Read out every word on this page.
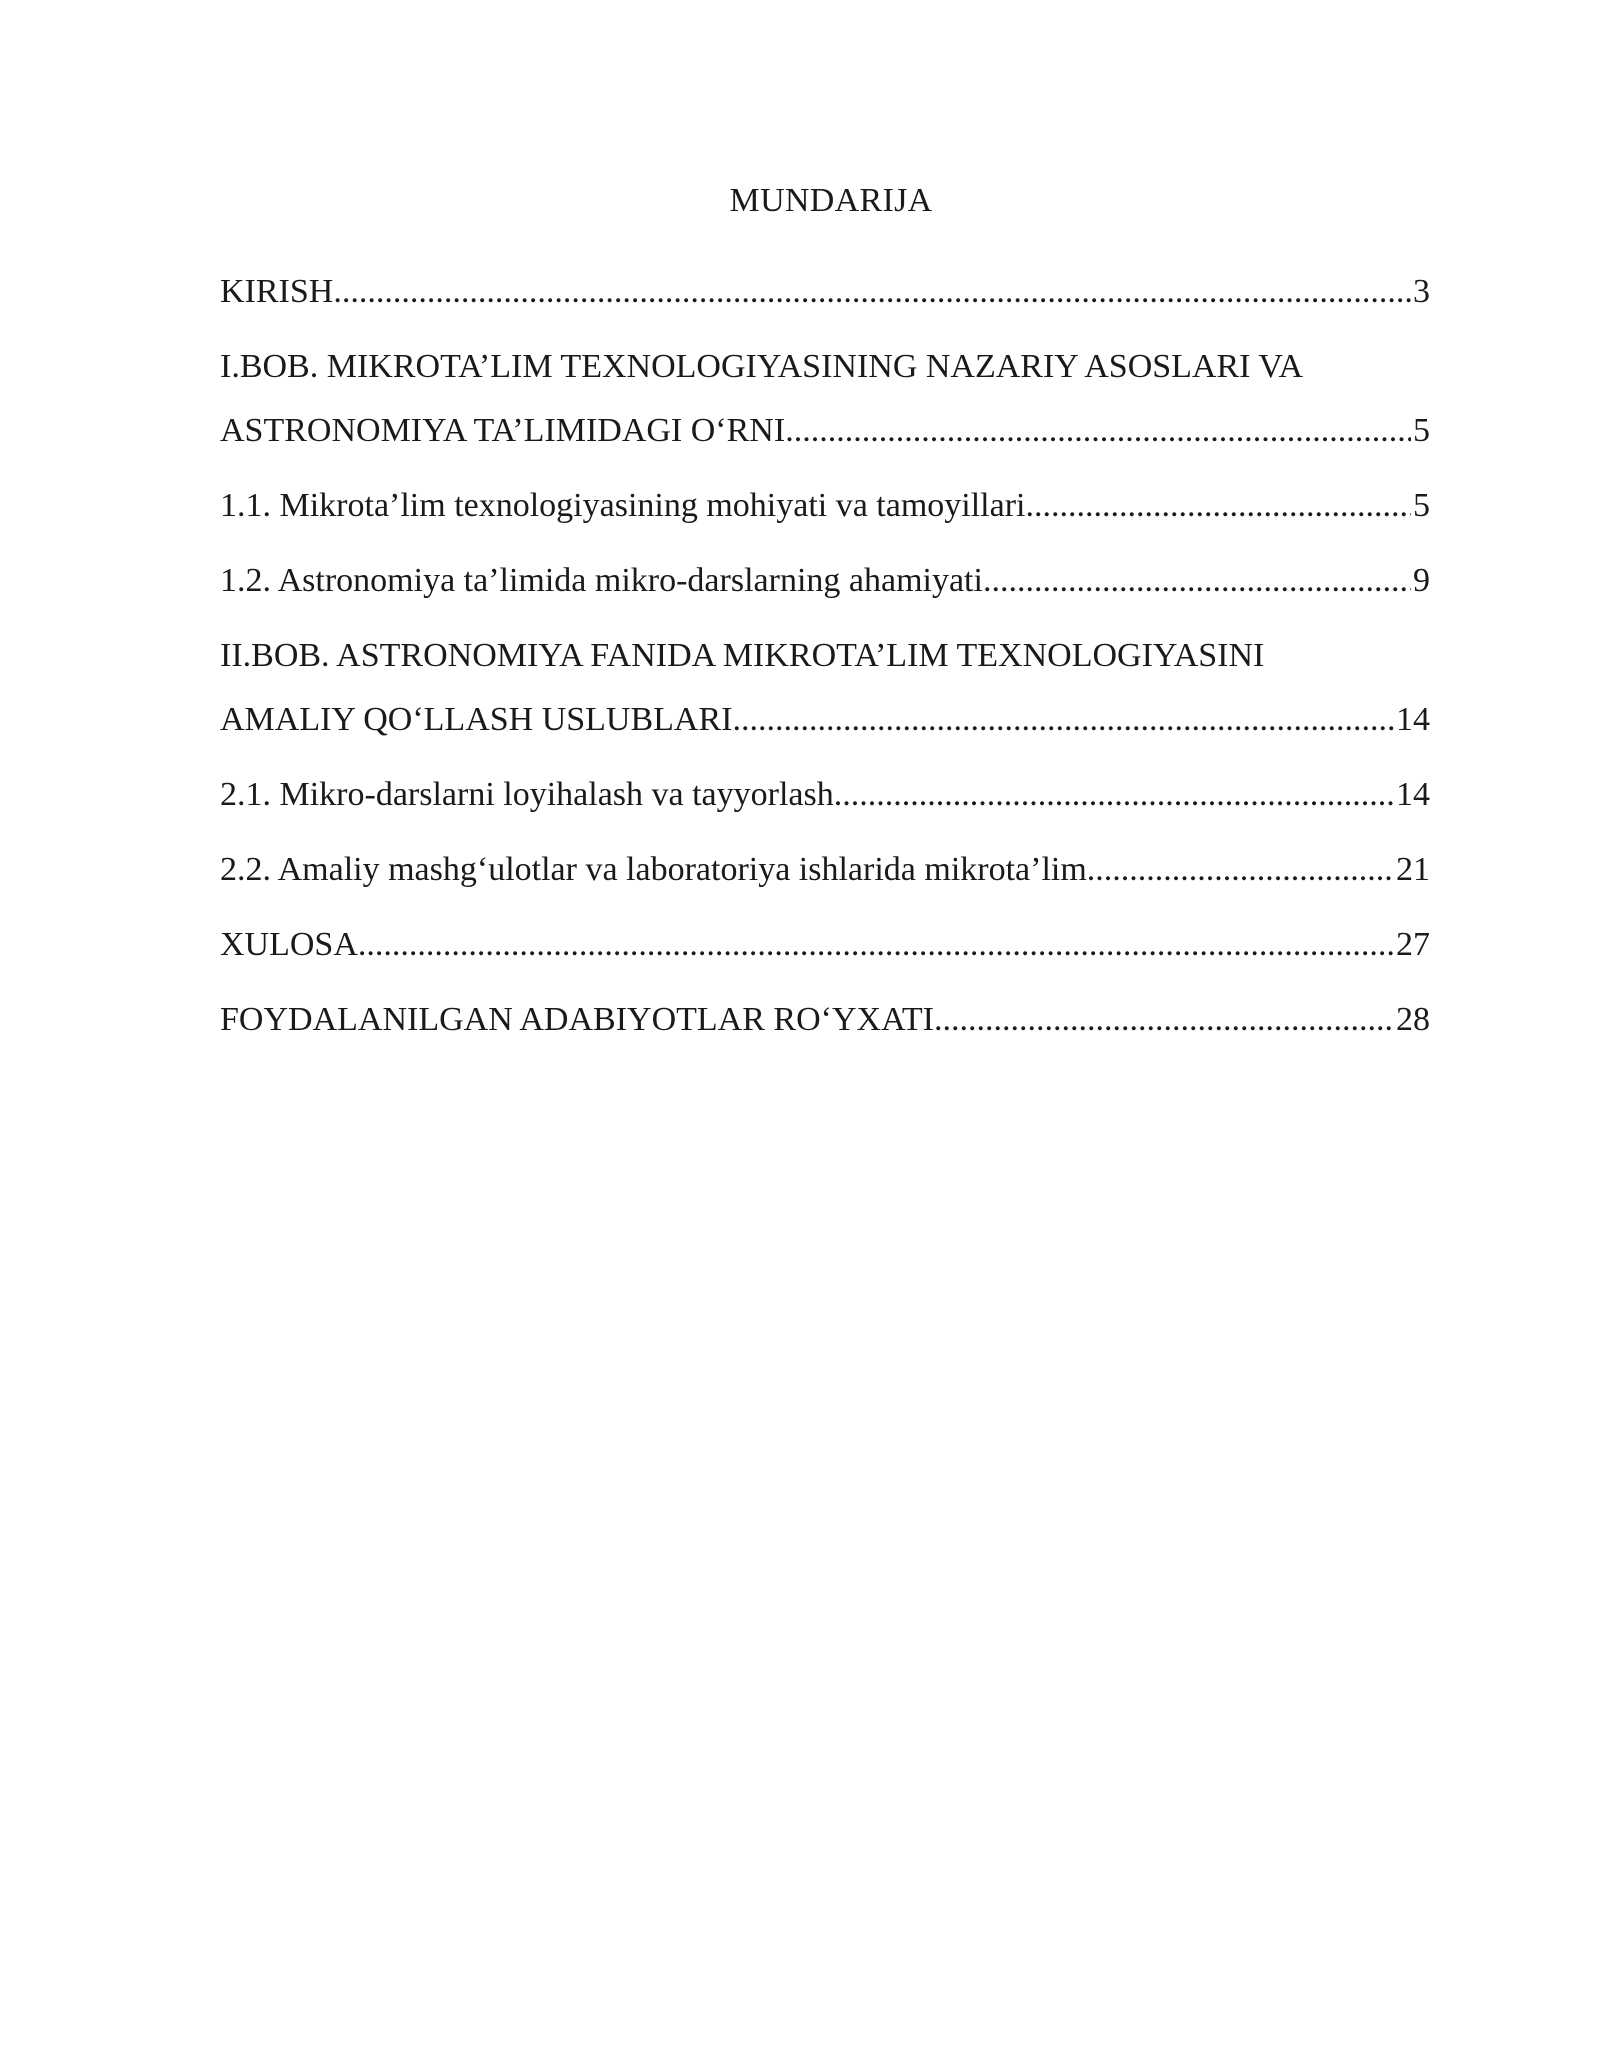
MUNDARIJA
KIRISH .....	3
I.BOB. MIKROTA’LIM TEXNOLOGIYASINING NAZARIY ASOSLARI VA
ASTRONOMIYA TA’LIMIDAGI O‘RNI .....	5
1.1. Mikrota’lim texnologiyasining mohiyati va tamoyillari .....	5
1.2. Astronomiya ta’limida mikro-darslarning ahamiyati .....	9
II.BOB. ASTRONOMIYA FANIDA MIKROTA’LIM TEXNOLOGIYASINI
AMALIY QO‘LLASH USLUBLARI .....	14
2.1. Mikro-darslarni loyihalash va tayyorlash .....	14
2.2. Amaliy mashg‘ulotlar va laboratoriya ishlarida mikrota’lim .....	21
XULOSA .....	27
FOYDALANILGAN ADABIYOTLAR RO‘YXATI .....	28
